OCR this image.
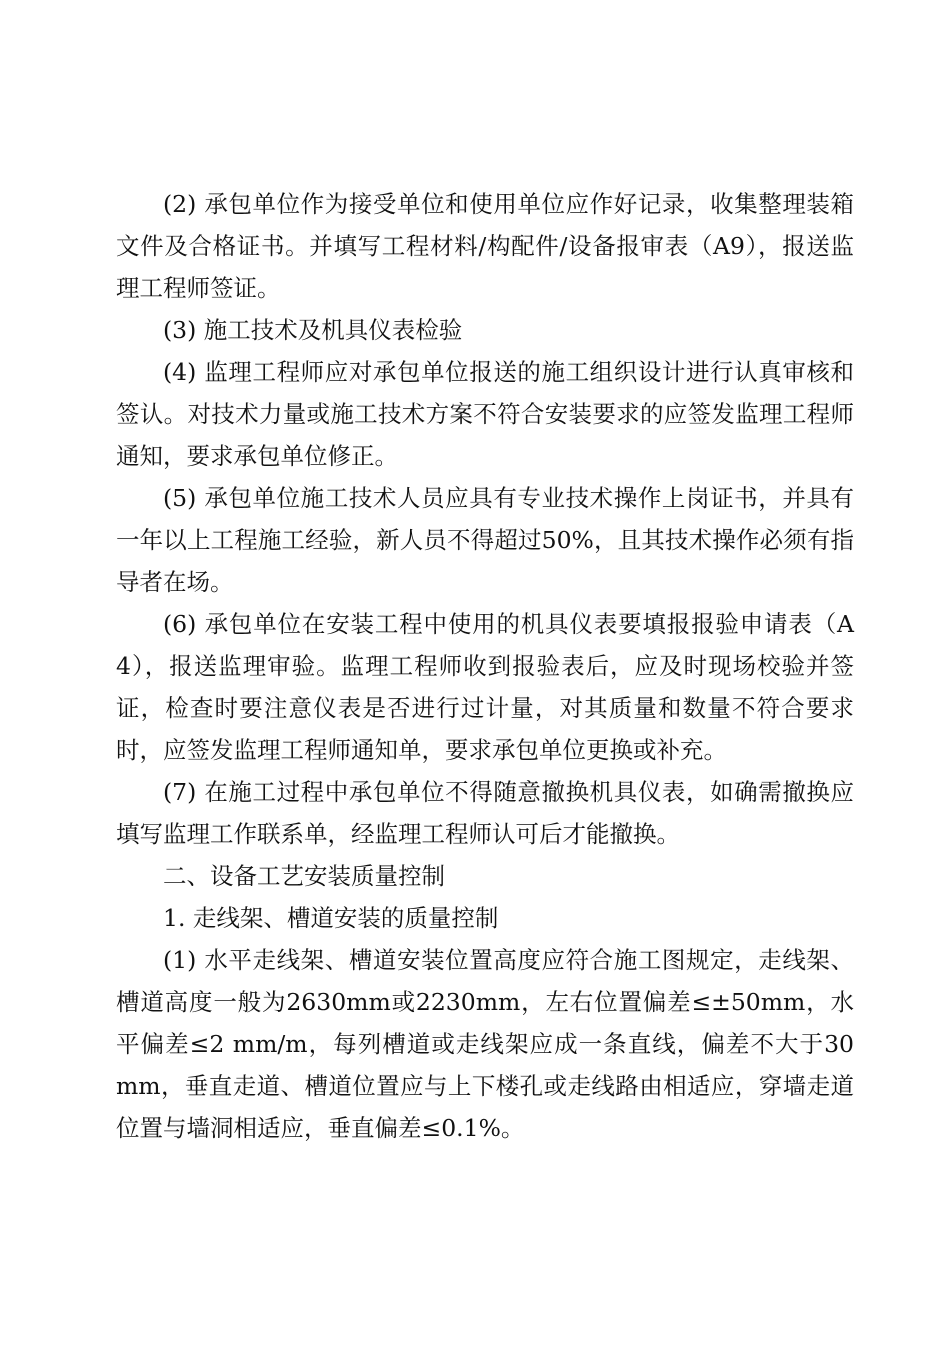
(2) 承包单位作为接受单位和使用单位应作好记录，收集整理装箱文件及合格证书。并填写工程材料/构配件/设备报审表（A9），报送监理工程师签证。

(3) 施工技术及机具仪表检验

(4) 监理工程师应对承包单位报送的施工组织设计进行认真审核和签认。对技术力量或施工技术方案不符合安装要求的应签发监理工程师通知，要求承包单位修正。

(5) 承包单位施工技术人员应具有专业技术操作上岗证书，并具有一年以上工程施工经验，新人员不得超过50%，且其技术操作必须有指导者在场。

(6) 承包单位在安装工程中使用的机具仪表要填报报验申请表（A4），报送监理审验。监理工程师收到报验表后，应及时现场校验并签证，检查时要注意仪表是否进行过计量，对其质量和数量不符合要求时，应签发监理工程师通知单，要求承包单位更换或补充。

(7) 在施工过程中承包单位不得随意撤换机具仪表，如确需撤换应填写监理工作联系单，经监理工程师认可后才能撤换。

二、设备工艺安装质量控制

1. 走线架、槽道安装的质量控制

(1) 水平走线架、槽道安装位置高度应符合施工图规定，走线架、槽道高度一般为2630mm或2230mm，左右位置偏差≤±50mm，水平偏差≤2 mm/m，每列槽道或走线架应成一条直线，偏差不大于30 mm，垂直走道、槽道位置应与上下楼孔或走线路由相适应，穿墙走道位置与墙洞相适应，垂直偏差≤0.1%。
